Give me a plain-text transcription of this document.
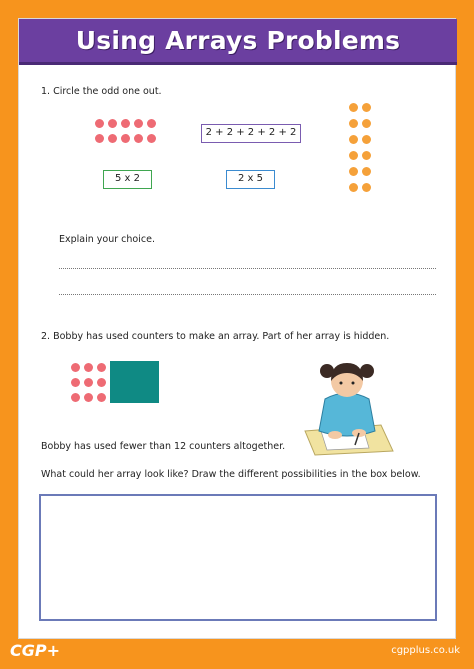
Using Arrays Problems
1. Circle the odd one out.
2 + 2 + 2 + 2 + 2
5 x 2	2 x 5
Explain your choice.
2. Bobby has used counters to make an array. Part of her array is hidden.
Bobby has used fewer than 12 counters altogether.
What could her array look like? Draw the different possibilities in the box below.
CGP+	cgpplus.co.uk
